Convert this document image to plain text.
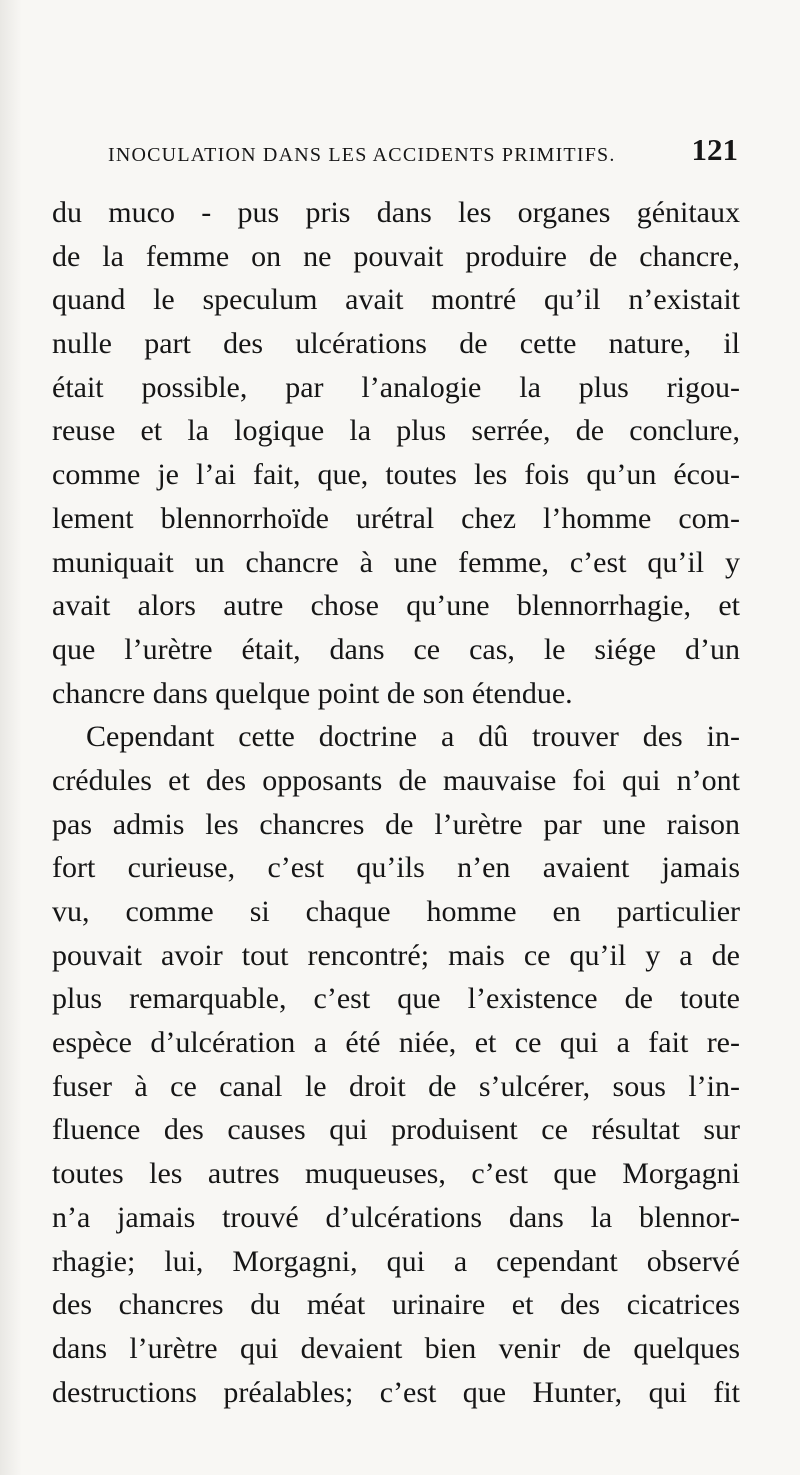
INOCULATION DANS LES ACCIDENTS PRIMITIFS. 121
du muco - pus pris dans les organes génitaux
de la femme on ne pouvait produire de chancre,
quand le speculum avait montré qu’il n’existait
nulle part des ulcérations de cette nature, il
était possible, par l’analogie la plus rigou-
reuse et la logique la plus serrée, de conclure,
comme je l’ai fait, que, toutes les fois qu’un écou-
lement blennorrhoïde urétral chez l’homme com-
muniquait un chancre à une femme, c’est qu’il y
avait alors autre chose qu’une blennorrhagie, et
que l’urètre était, dans ce cas, le siége d’un
chancre dans quelque point de son étendue.
Cependant cette doctrine a dû trouver des in-
crédules et des opposants de mauvaise foi qui n’ont
pas admis les chancres de l’urètre par une raison
fort curieuse, c’est qu’ils n’en avaient jamais
vu, comme si chaque homme en particulier
pouvait avoir tout rencontré; mais ce qu’il y a de
plus remarquable, c’est que l’existence de toute
espèce d’ulcération a été niée, et ce qui a fait re-
fuser à ce canal le droit de s’ulcérer, sous l’in-
fluence des causes qui produisent ce résultat sur
toutes les autres muqueuses, c’est que Morgagni
n’a jamais trouvé d’ulcérations dans la blennor-
rhagie; lui, Morgagni, qui a cependant observé
des chancres du méat urinaire et des cicatrices
dans l’urètre qui devaient bien venir de quelques
destructions préalables; c’est que Hunter, qui fit
